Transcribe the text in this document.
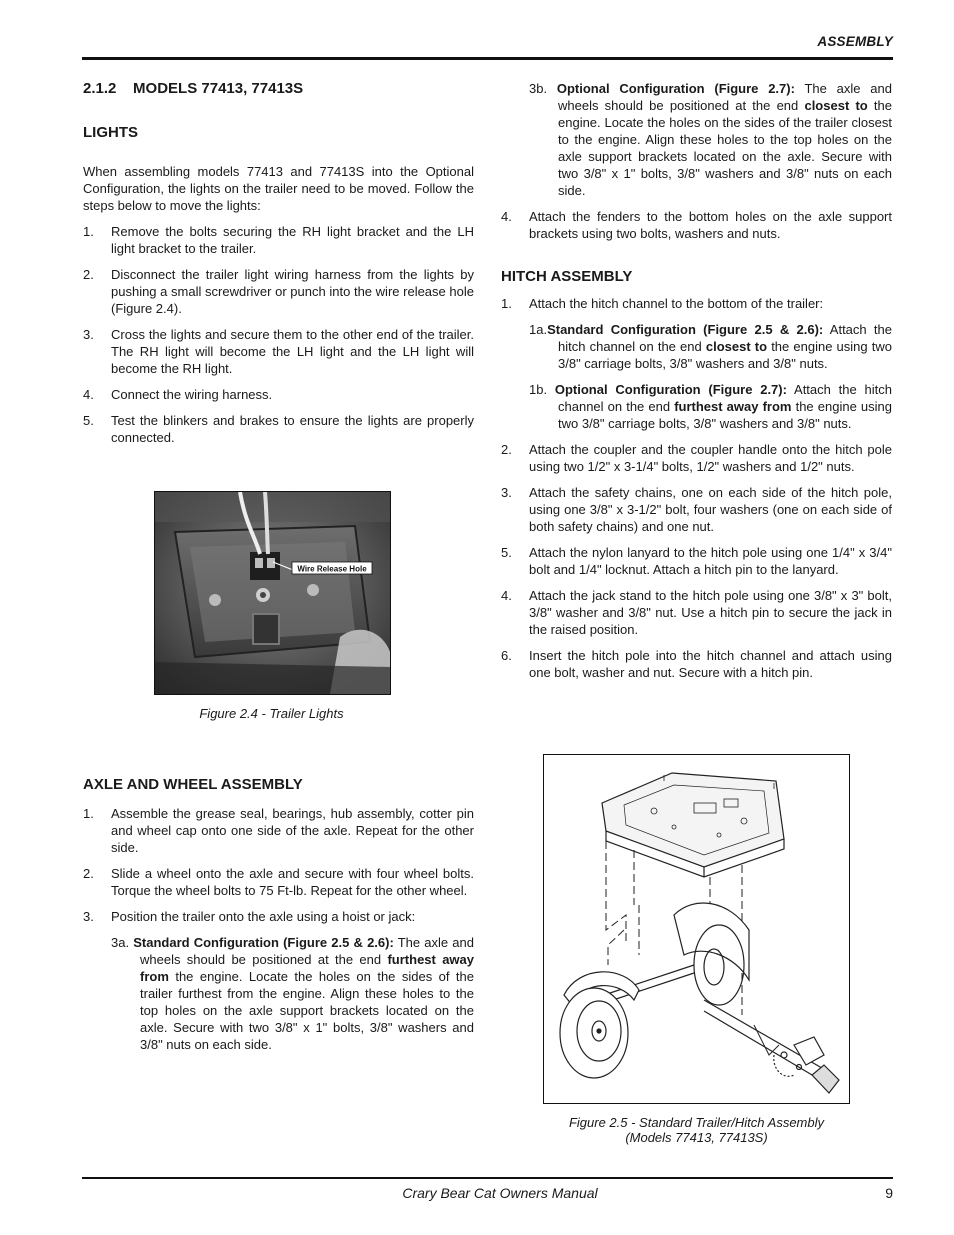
ASSEMBLY
Crary Bear Cat Owners Manual	9
2.1.2 MODELS 77413, 77413S
LIGHTS

When assembling models 77413 and 77413S into the Optional Configuration, the lights on the trailer need to be moved. Follow the steps below to move the lights:

1. Remove the bolts securing the RH light bracket and the LH light bracket to the trailer.
2. Disconnect the trailer light wiring harness from the lights by pushing a small screwdriver or punch into the wire release hole (Figure 2.4).
3. Cross the lights and secure them to the other end of the trailer. The RH light will become the LH light and the LH light will become the RH light.
4. Connect the wiring harness.
5. Test the blinkers and brakes to ensure the lights are properly connected.
Wire Release Hole
Figure 2.4 - Trailer Lights
AXLE AND WHEEL ASSEMBLY
1. Assemble the grease seal, bearings, hub assembly, cotter pin and wheel cap onto one side of the axle. Repeat for the other side.
2. Slide a wheel onto the axle and secure with four wheel bolts. Torque the wheel bolts to 75 Ft-lb. Repeat for the other wheel.
3. Position the trailer onto the axle using a hoist or jack:

3a. Standard Configuration (Figure 2.5 & 2.6): The axle and wheels should be positioned at the end furthest away from the engine. Locate the holes on the sides of the trailer furthest from the engine. Align these holes to the top holes on the axle support brackets located on the axle. Secure with two 3/8" x 1" bolts, 3/8" washers and 3/8" nuts on each side.

3b. Optional Configuration (Figure 2.7): The axle and wheels should be positioned at the end closest to the engine. Locate the holes on the sides of the trailer closest to the engine. Align these holes to the top holes on the axle support brackets located on the axle. Secure with two 3/8" x 1" bolts, 3/8" washers and 3/8" nuts on each side.

4. Attach the fenders to the bottom holes on the axle support brackets using two bolts, washers and nuts.
HITCH ASSEMBLY
1. Attach the hitch channel to the bottom of the trailer:

1a.Standard Configuration (Figure 2.5 & 2.6): Attach the hitch channel on the end closest to the engine using two 3/8" carriage bolts, 3/8" washers and 3/8" nuts.

1b. Optional Configuration (Figure 2.7): Attach the hitch channel on the end furthest away from the engine using two 3/8" carriage bolts, 3/8" washers and 3/8" nuts.

2. Attach the coupler and the coupler handle onto the hitch pole using two 1/2" x 3-1/4" bolts, 1/2" washers and 1/2" nuts.
3. Attach the safety chains, one on each side of the hitch pole, using one 3/8" x 3-1/2" bolt, four washers (one on each side of both safety chains) and one nut.
5. Attach the nylon lanyard to the hitch pole using one 1/4" x 3/4" bolt and 1/4" locknut. Attach a hitch pin to the lanyard.
4. Attach the jack stand to the hitch pole using one 3/8" x 3" bolt, 3/8" washer and 3/8" nut. Use a hitch pin to secure the jack in the raised position.
6. Insert the hitch pole into the hitch channel and attach using one bolt, washer and nut. Secure with a hitch pin.
Figure 2.5 - Standard Trailer/Hitch Assembly
(Models 77413, 77413S)
